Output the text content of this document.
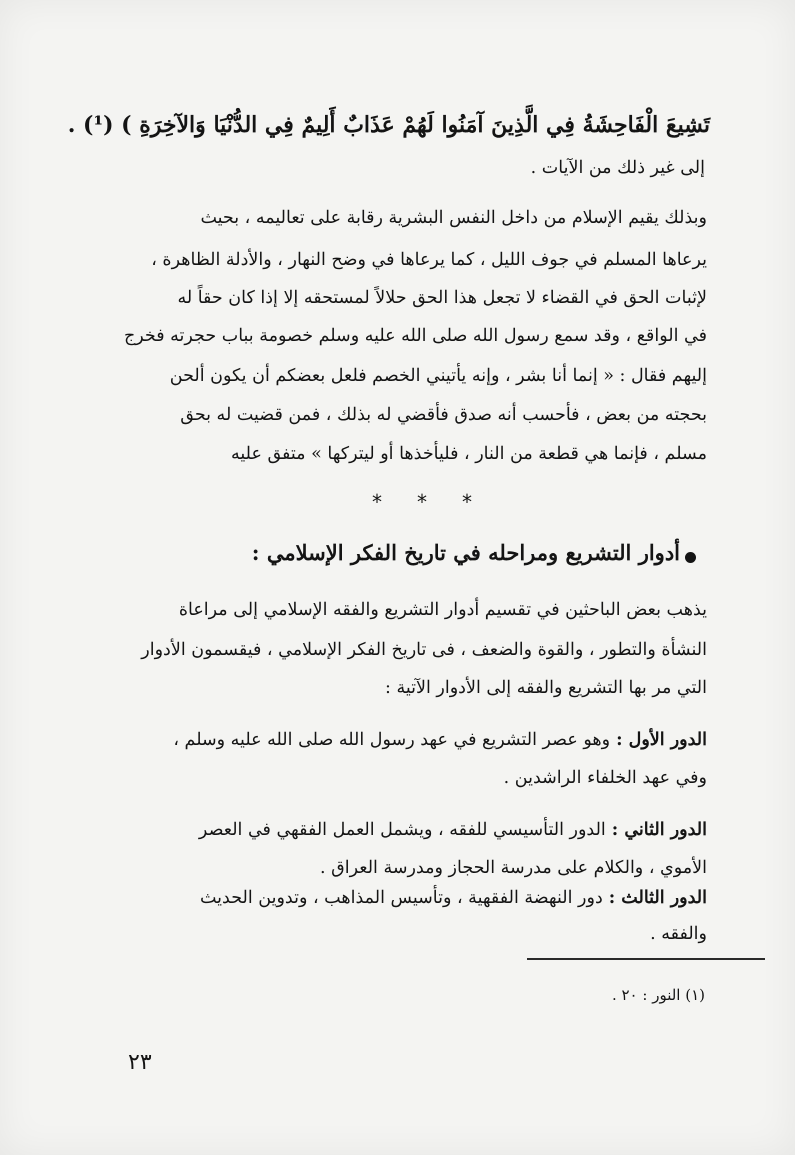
تَشِيعَ الْفَاحِشَةُ فِي الَّذِينَ آمَنُوا لَهُمْ عَذَابٌ أَلِيمٌ فِي الدُّنْيَا وَالآخِرَةِ ) (¹) .
إلى غير ذلك من الآيات .
وبذلك يقيم الإسلام من داخل النفس البشرية رقابة على تعاليمه ، بحيث
يرعاها المسلم في جوف الليل ، كما يرعاها في وضح النهار ، والأدلة الظاهرة ،
لإثبات الحق في القضاء لا تجعل هذا الحق حلالاً لمستحقه إلا إذا كان حقاً له
في الواقع ، وقد سمع رسول الله صلى الله عليه وسلم خصومة بباب حجرته فخرج
إليهم فقال : « إنما أنا بشر ، وإنه يأتيني الخصم فلعل بعضكم أن يكون ألحن
بحجته من بعض ، فأحسب أنه صدق فأقضي له بذلك ، فمن قضيت له بحق
مسلم ، فإنما هي قطعة من النار ، فليأخذها أو ليتركها » متفق عليه
* * *
أدوار التشريع ومراحله في تاريخ الفكر الإسلامي :
يذهب بعض الباحثين في تقسيم أدوار التشريع والفقه الإسلامي إلى مراعاة
النشأة والتطور ، والقوة والضعف ، فى تاريخ الفكر الإسلامي ، فيقسمون الأدوار
التي مر بها التشريع والفقه إلى الأدوار الآتية :
الدور الأول :وهو عصر التشريع في عهد رسول الله صلى الله عليه وسلم ،
وفي عهد الخلفاء الراشدين .
الدور الثاني :الدور التأسيسي للفقه ، ويشمل العمل الفقهي في العصر
الأموي ، والكلام على مدرسة الحجاز ومدرسة العراق .
الدور الثالث :دور النهضة الفقهية ، وتأسيس المذاهب ، وتدوين الحديث
والفقه .
(١) النور : ٢٠ .
٢٣
